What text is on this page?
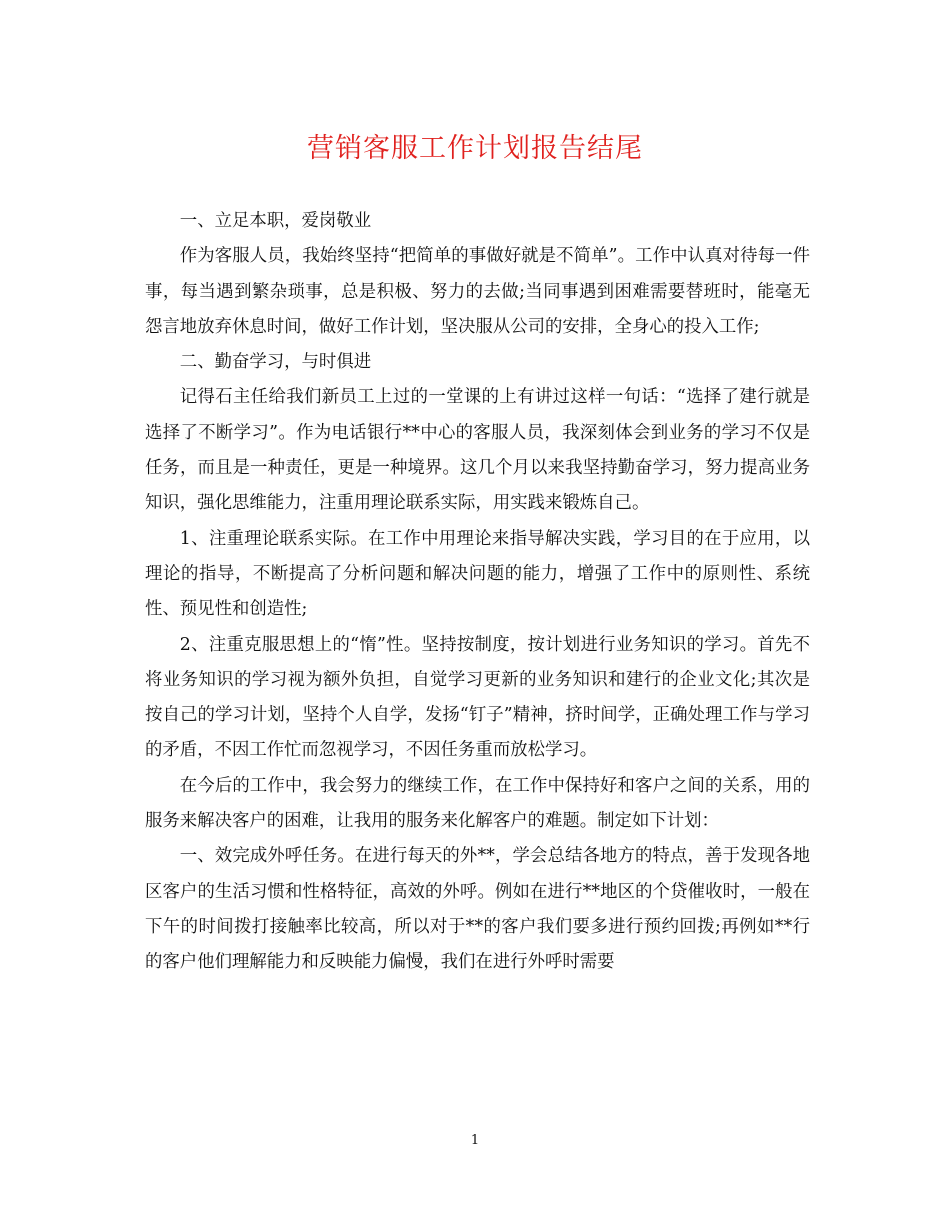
营销客服工作计划报告结尾

一、立足本职，爱岗敬业

作为客服人员，我始终坚持“把简单的事做好就是不简单”。工作中认真对待每一件事，每当遇到繁杂琐事，总是积极、努力的去做;当同事遇到困难需要替班时，能毫无怨言地放弃休息时间，做好工作计划，坚决服从公司的安排，全身心的投入工作;

二、勤奋学习，与时俱进

记得石主任给我们新员工上过的一堂课的上有讲过这样一句话：“选择了建行就是选择了不断学习”。作为电话银行**中心的客服人员，我深刻体会到业务的学习不仅是任务，而且是一种责任，更是一种境界。这几个月以来我坚持勤奋学习，努力提高业务知识，强化思维能力，注重用理论联系实际，用实践来锻炼自己。

1、注重理论联系实际。在工作中用理论来指导解决实践，学习目的在于应用，以理论的指导，不断提高了分析问题和解决问题的能力，增强了工作中的原则性、系统性、预见性和创造性;

2、注重克服思想上的“惰”性。坚持按制度，按计划进行业务知识的学习。首先不将业务知识的学习视为额外负担，自觉学习更新的业务知识和建行的企业文化;其次是按自己的学习计划，坚持个人自学，发扬“钉子”精神，挤时间学，正确处理工作与学习的矛盾，不因工作忙而忽视学习，不因任务重而放松学习。

在今后的工作中，我会努力的继续工作，在工作中保持好和客户之间的关系，用的服务来解决客户的困难，让我用的服务来化解客户的难题。制定如下计划：

一、效完成外呼任务。在进行每天的外**，学会总结各地方的特点，善于发现各地区客户的生活习惯和性格特征，高效的外呼。例如在进行**地区的个贷催收时，一般在下午的时间拨打接触率比较高，所以对于**的客户我们要多进行预约回拨;再例如**行的客户他们理解能力和反映能力偏慢，我们在进行外呼时需要

1
